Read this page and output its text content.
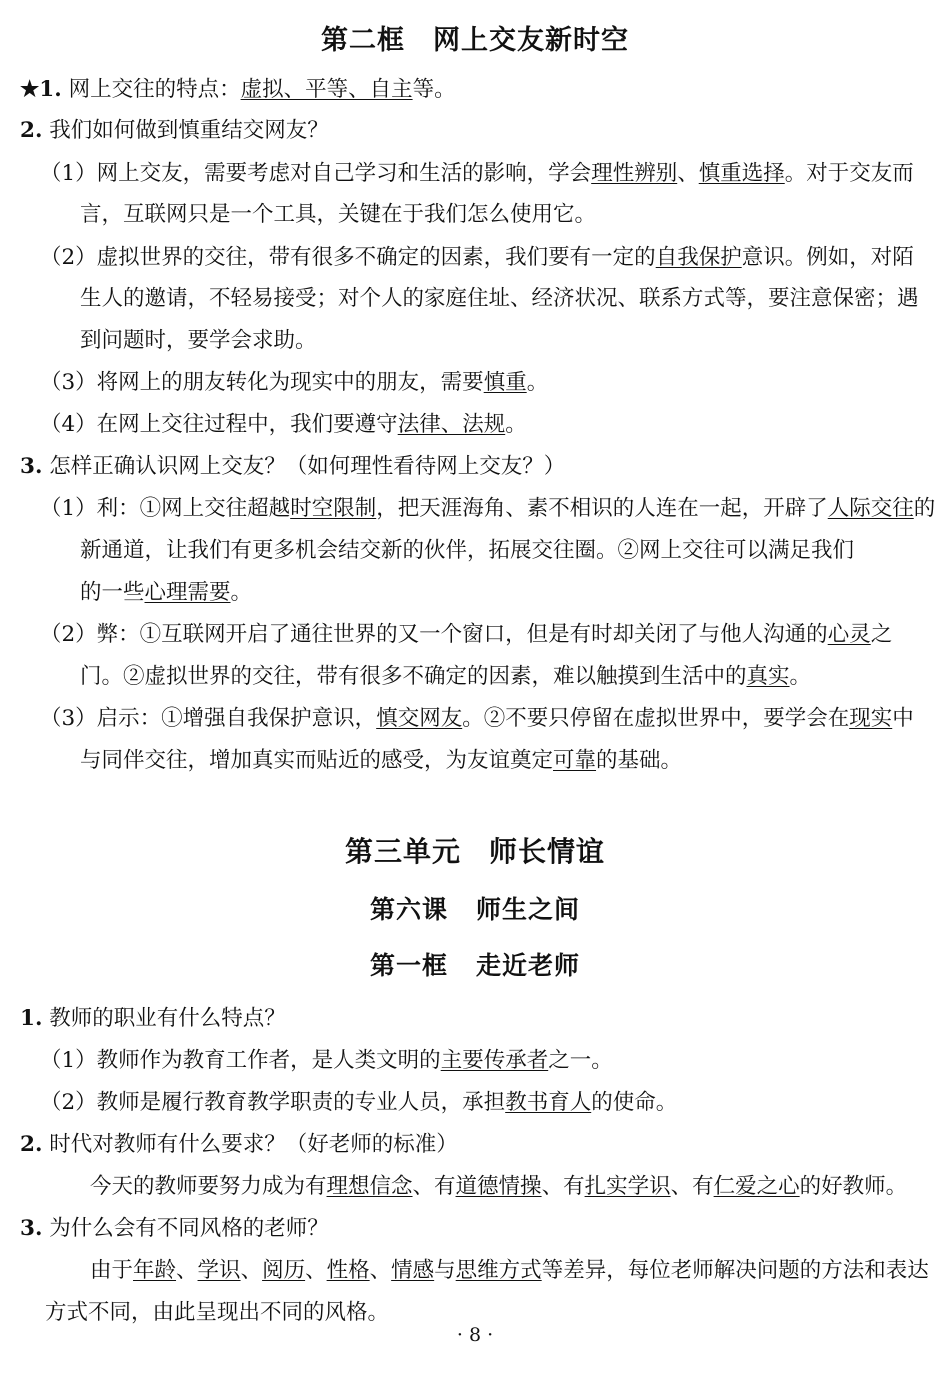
第二框 网上交友新时空
★1. 网上交往的特点：虚拟、平等、自主等。
2. 我们如何做到慎重结交网友？
（1）网上交友，需要考虑对自己学习和生活的影响，学会理性辨别、慎重选择。对于交友而
言，互联网只是一个工具，关键在于我们怎么使用它。
（2）虚拟世界的交往，带有很多不确定的因素，我们要有一定的自我保护意识。例如，对陌
生人的邀请，不轻易接受；对个人的家庭住址、经济状况、联系方式等，要注意保密；遇
到问题时，要学会求助。
（3）将网上的朋友转化为现实中的朋友，需要慎重。
（4）在网上交往过程中，我们要遵守法律、法规。
3. 怎样正确认识网上交友？（如何理性看待网上交友？）
（1）利：①网上交往超越时空限制，把天涯海角、素不相识的人连在一起，开辟了人际交往的
新通道，让我们有更多机会结交新的伙伴，拓展交往圈。②网上交往可以满足我们
的一些心理需要。
（2）弊：①互联网开启了通往世界的又一个窗口，但是有时却关闭了与他人沟通的心灵之
门。②虚拟世界的交往，带有很多不确定的因素，难以触摸到生活中的真实。
（3）启示：①增强自我保护意识，慎交网友。②不要只停留在虚拟世界中，要学会在现实中
与同伴交往，增加真实而贴近的感受，为友谊奠定可靠的基础。
第三单元 师长情谊
第六课 师生之间
第一框 走近老师
1. 教师的职业有什么特点？
（1）教师作为教育工作者，是人类文明的主要传承者之一。
（2）教师是履行教育教学职责的专业人员，承担教书育人的使命。
2. 时代对教师有什么要求？（好老师的标准）
今天的教师要努力成为有理想信念、有道德情操、有扎实学识、有仁爱之心的好教师。
3. 为什么会有不同风格的老师？
由于年龄、学识、阅历、性格、情感与思维方式等差异，每位老师解决问题的方法和表达
方式不同，由此呈现出不同的风格。
· 8 ·
